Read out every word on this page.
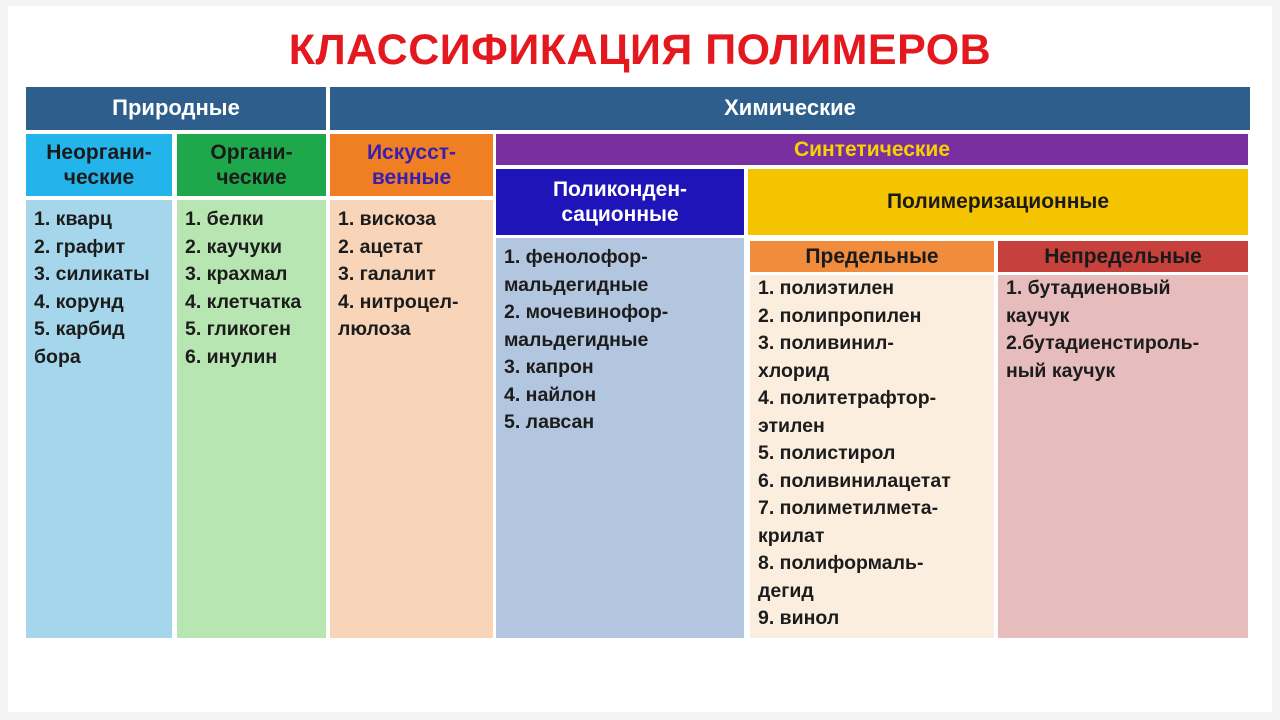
КЛАССИФИКАЦИЯ ПОЛИМЕРОВ
Природные	Химические
Неоргани-
ческие
1. кварц
2. графит
3. силикаты
4. корунд
5. карбид
бора
Органи-
ческие
1. белки
2. каучуки
3. крахмал
4. клетчатка
5. гликоген
6. инулин
Искусст-
венные
1. вискоза
2. ацетат
3. галалит
4. нитроцел-
люлоза
Синтетические
Поликонден-
сационные
1. фенолофор-
мальдегидные
2. мочевинофор-
мальдегидные
3. капрон
4. найлон
5. лавсан
Полимеризационные
Предельные
1. полиэтилен
2. полипропилен
3. поливинил-
хлорид
4. политетрафтор-
этилен
5. полистирол
6. поливинилацетат
7. полиметилмета-
крилат
8. полиформаль-
дегид
9. винол
Непредельные
1. бутадиеновый
каучук
2.бутадиенстироль-
ный каучук
